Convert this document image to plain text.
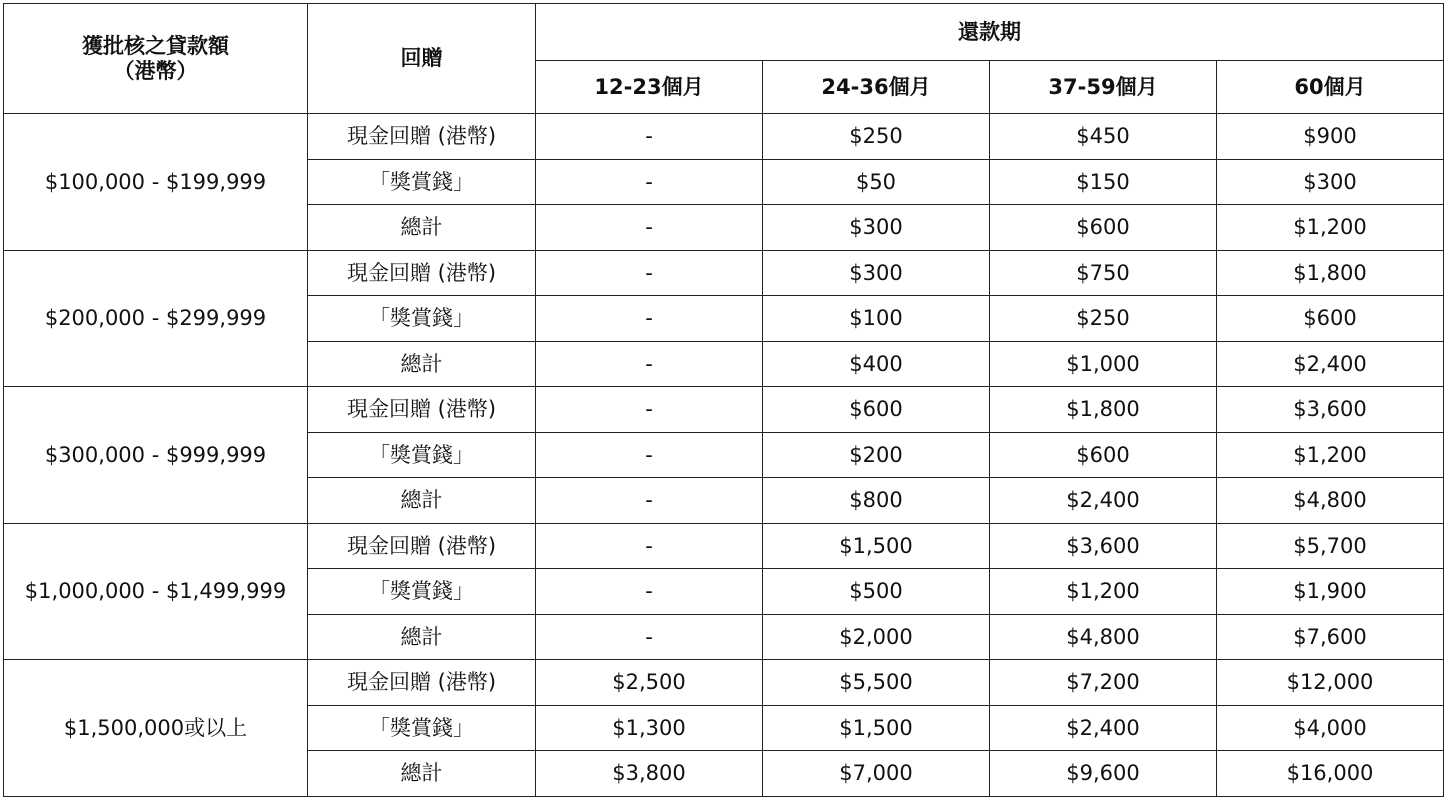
獲批核之貸款額
（港幣）	回贈	還款期			
		12-23個月	24-36個月	37-59個月	60個月
$100,000 - $199,999	現金回贈 (港幣)	-	$250	$450	$900
	「獎賞錢」	-	$50	$150	$300
	總計	-	$300	$600	$1,200
$200,000 - $299,999	現金回贈 (港幣)	-	$300	$750	$1,800
	「獎賞錢」	-	$100	$250	$600
	總計	-	$400	$1,000	$2,400
$300,000 - $999,999	現金回贈 (港幣)	-	$600	$1,800	$3,600
	「獎賞錢」	-	$200	$600	$1,200
	總計	-	$800	$2,400	$4,800
$1,000,000 - $1,499,999	現金回贈 (港幣)	-	$1,500	$3,600	$5,700
	「獎賞錢」	-	$500	$1,200	$1,900
	總計	-	$2,000	$4,800	$7,600
$1,500,000或以上	現金回贈 (港幣)	$2,500	$5,500	$7,200	$12,000
	「獎賞錢」	$1,300	$1,500	$2,400	$4,000
	總計	$3,800	$7,000	$9,600	$16,000
